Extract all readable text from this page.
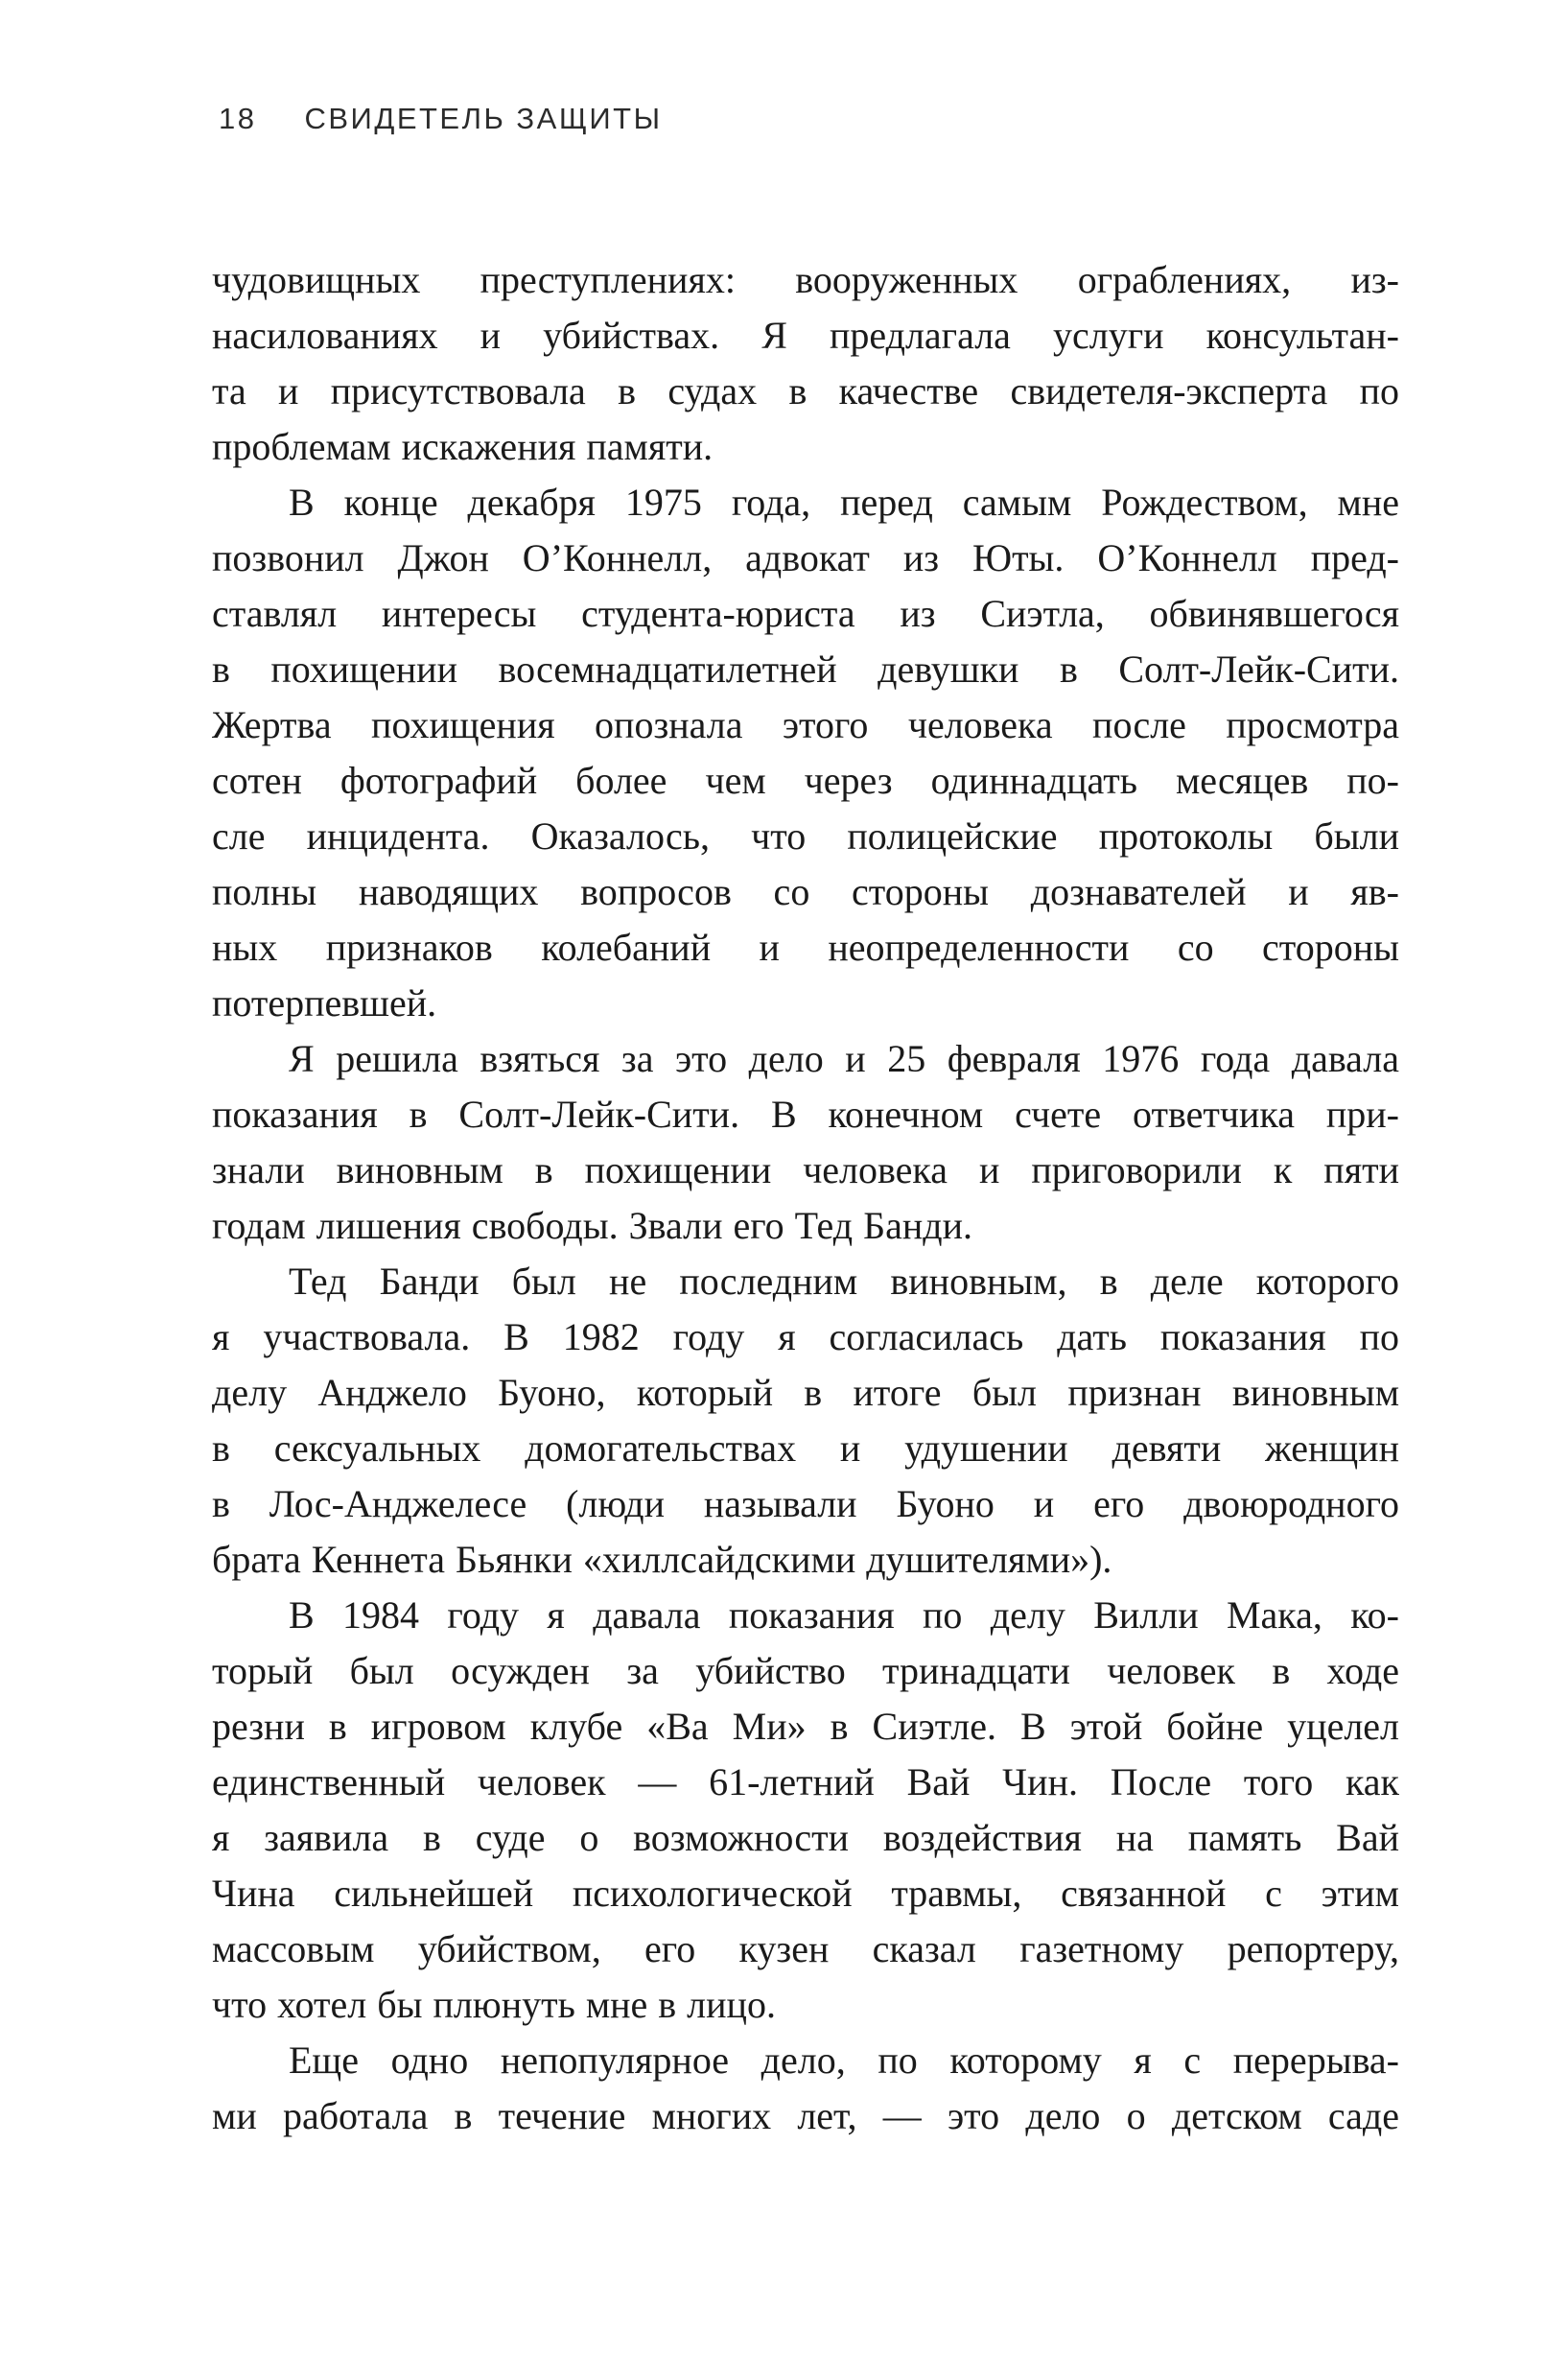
18 СВИДЕТЕЛЬ ЗАЩИТЫ
чудовищных преступлениях: вооруженных ограблениях, из-
насилованиях и убийствах. Я предлагала услуги консультан-
та и присутствовала в судах в качестве свидетеля-эксперта по
проблемам искажения памяти.
В конце декабря 1975 года, перед самым Рождеством, мне
позвонил Джон О’Коннелл, адвокат из Юты. О’Коннелл пред-
ставлял интересы студента-юриста из Сиэтла, обвинявшегося
в похищении восемнадцатилетней девушки в Солт-Лейк-Сити.
Жертва похищения опознала этого человека после просмотра
сотен фотографий более чем через одиннадцать месяцев по-
сле инцидента. Оказалось, что полицейские протоколы были
полны наводящих вопросов со стороны дознавателей и яв-
ных признаков колебаний и неопределенности со стороны
потерпевшей.
Я решила взяться за это дело и 25 февраля 1976 года давала
показания в Солт-Лейк-Сити. В конечном счете ответчика при-
знали виновным в похищении человека и приговорили к пяти
годам лишения свободы. Звали его Тед Банди.
Тед Банди был не последним виновным, в деле которого
я участвовала. В 1982 году я согласилась дать показания по
делу Анджело Буоно, который в итоге был признан виновным
в сексуальных домогательствах и удушении девяти женщин
в Лос-Анджелесе (люди называли Буоно и его двоюродного
брата Кеннета Бьянки «хиллсайдскими душителями»).
В 1984 году я давала показания по делу Вилли Мака, ко-
торый был осужден за убийство тринадцати человек в ходе
резни в игровом клубе «Ва Ми» в Сиэтле. В этой бойне уцелел
единственный человек — 61-летний Вай Чин. После того как
я заявила в суде о возможности воздействия на память Вай
Чина сильнейшей психологической травмы, связанной с этим
массовым убийством, его кузен сказал газетному репортеру,
что хотел бы плюнуть мне в лицо.
Еще одно непопулярное дело, по которому я с перерыва-
ми работала в течение многих лет, — это дело о детском саде
